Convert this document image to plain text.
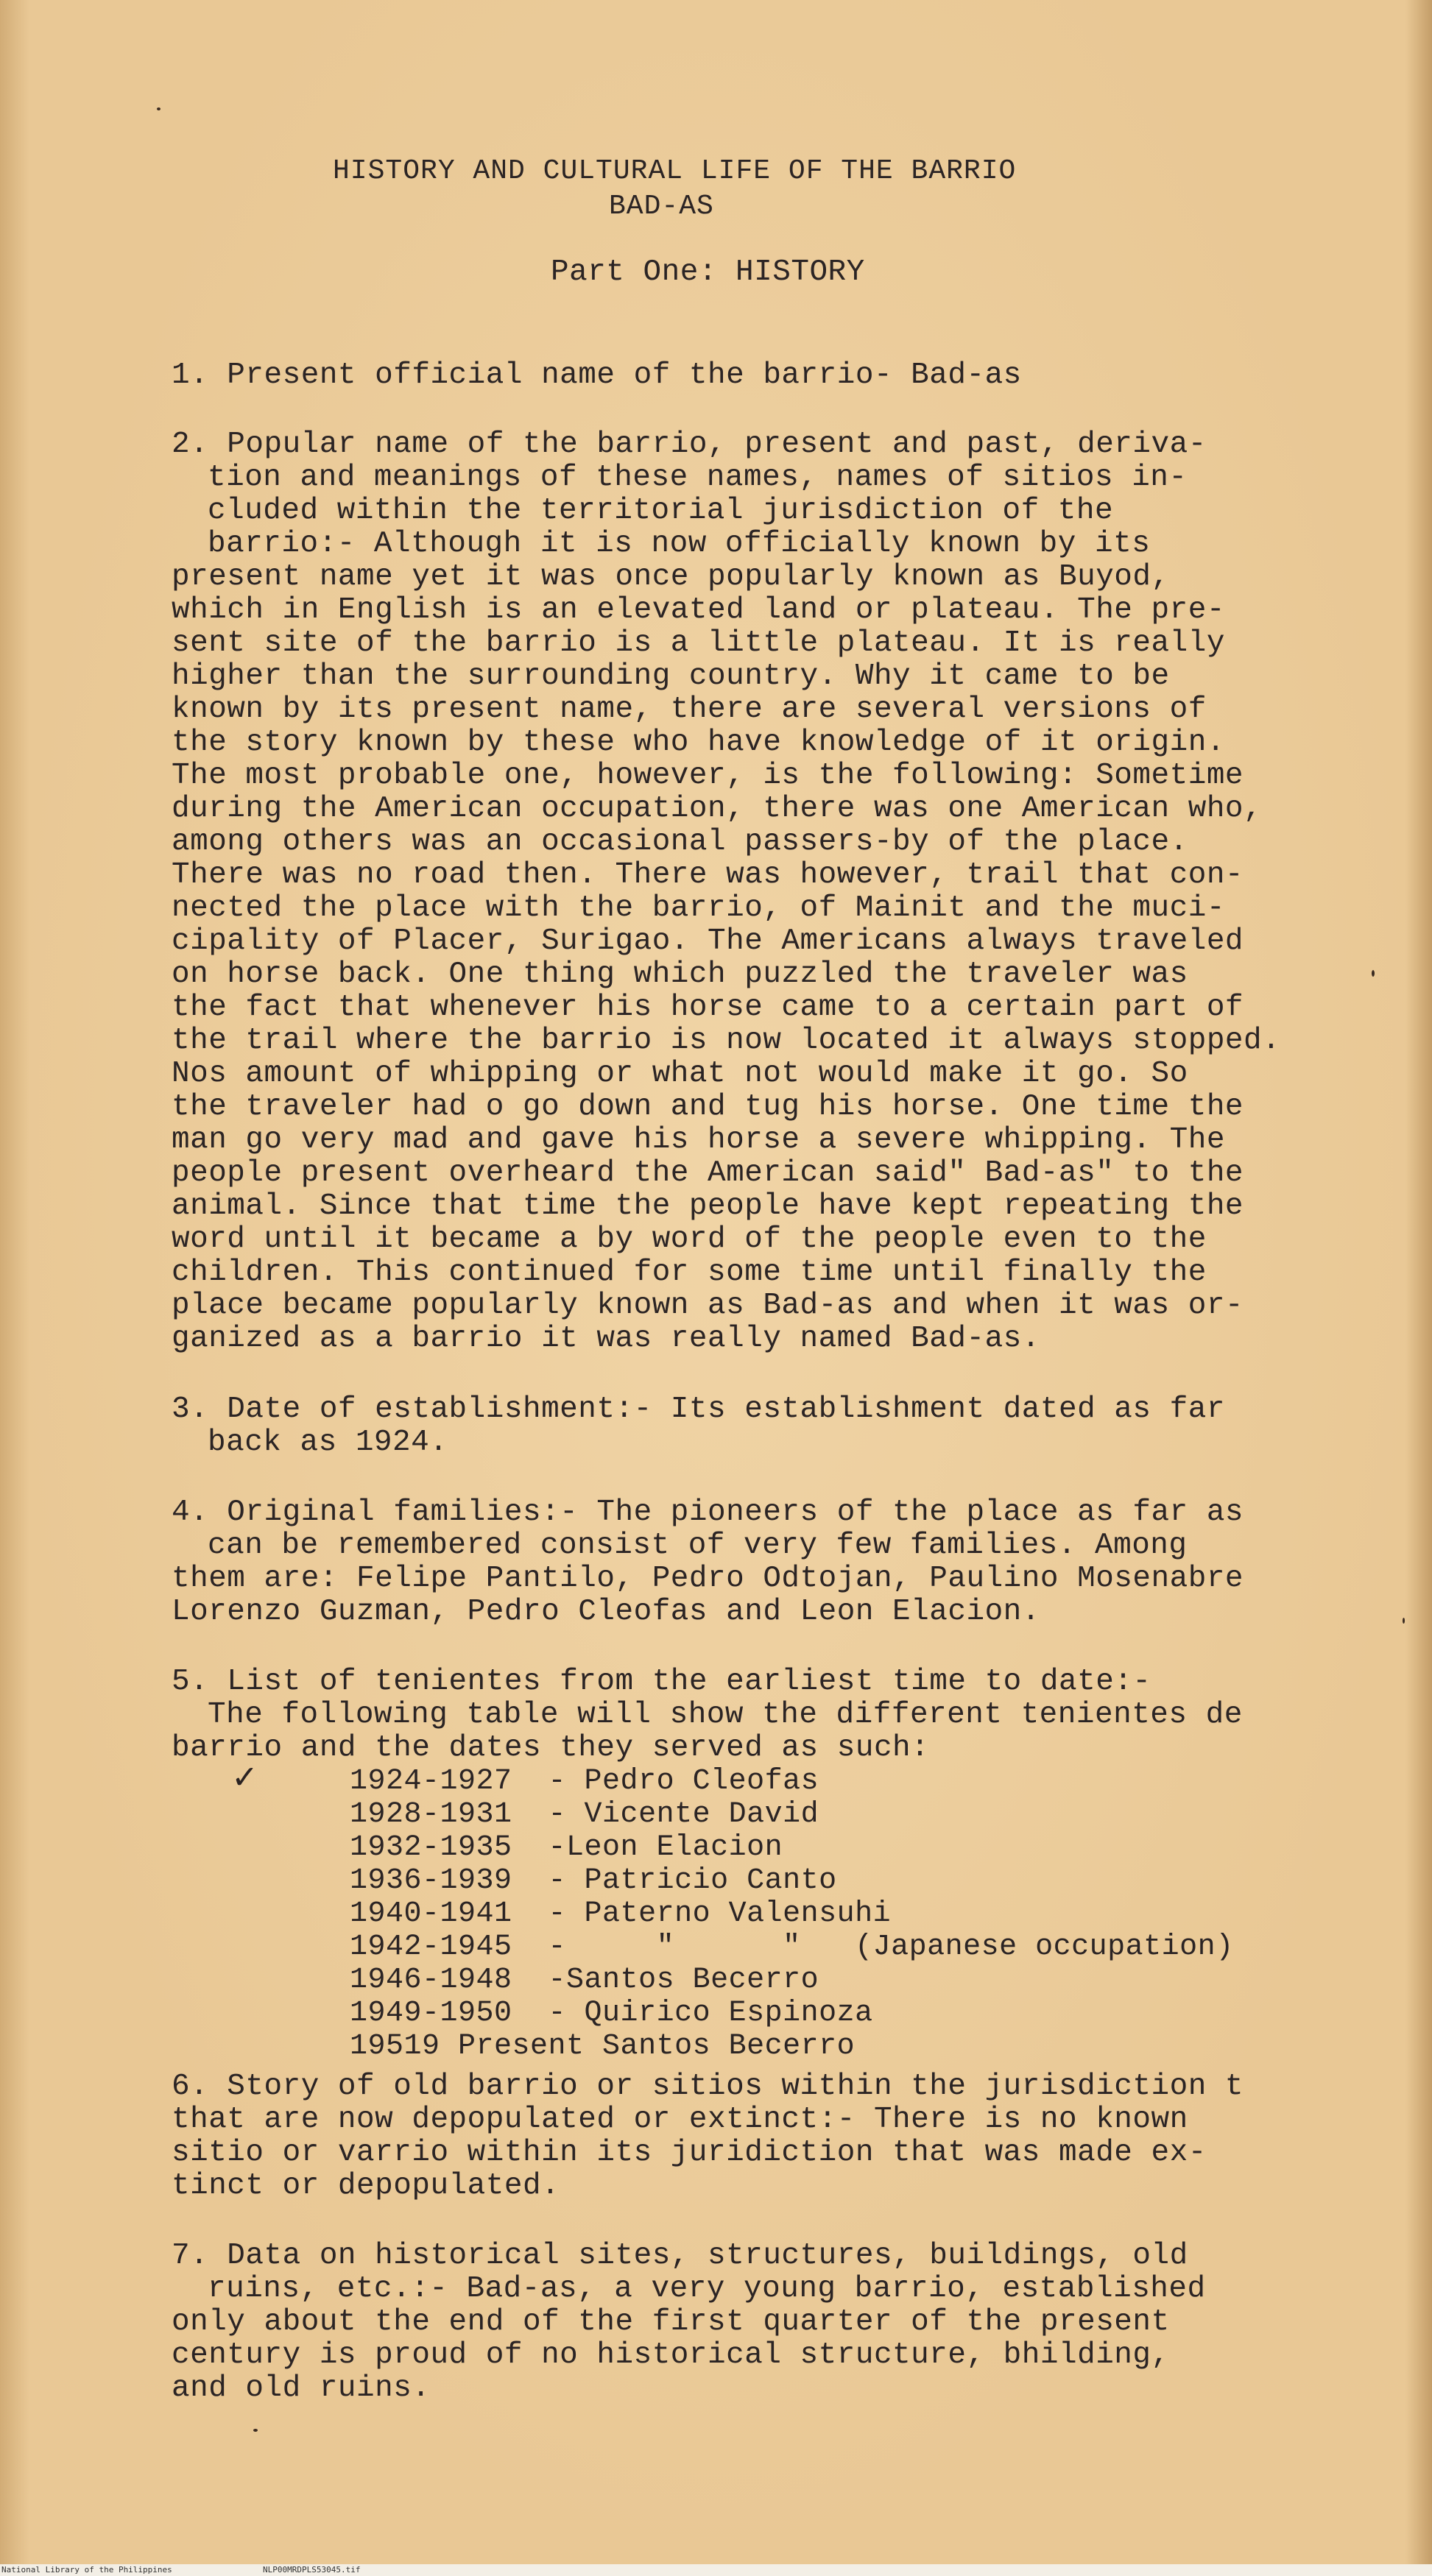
HISTORY AND CULTURAL LIFE OF THE BARRIO
BAD-AS
Part One: HISTORY
1. Present official name of the barrio- Bad-as
2. Popular name of the barrio, present and past, deriva-
tion and meanings of these names, names of sitios in-
cluded within the territorial jurisdiction of the
barrio:- Although it is now officially known by its
present name yet it was once popularly known as Buyod,
which in English is an elevated land or plateau. The pre-
sent site of the barrio is a little plateau. It is really
higher than the surrounding country. Why it came to be
known by its present name, there are several versions of
the story known by these who have knowledge of it origin.
The most probable one, however, is the following: Sometime
during the American occupation, there was one American who,
among others was an occasional passers-by of the place.
There was no road then. There was however, trail that con-
nected the place with the barrio, of Mainit and the muci-
cipality of Placer, Surigao. The Americans always traveled
on horse back. One thing which puzzled the traveler was
the fact that whenever his horse came to a certain part of
the trail where the barrio is now located it always stopped.
Nos amount of whipping or what not would make it go. So
the traveler had o go down and tug his horse. One time the
man go very mad and gave his horse a severe whipping. The
people present overheard the American said" Bad-as" to the
animal. Since that time the people have kept repeating the
word until it became a by word of the people even to the
children. This continued for some time until finally the
place became popularly known as Bad-as and when it was or-
ganized as a barrio it was really named Bad-as.
3. Date of establishment:- Its establishment dated as far
back as 1924.
4. Original families:- The pioneers of the place as far as
can be remembered consist of very few families. Among
them are: Felipe Pantilo, Pedro Odtojan, Paulino Mosenabre
Lorenzo Guzman, Pedro Cleofas and Leon Elacion.
5. List of tenientes from the earliest time to date:-
The following table will show the different tenientes de
barrio and the dates they served as such:
✓	1924-1927  - Pedro Cleofas
1928-1931  - Vicente David
1932-1935  -Leon Elacion
1936-1939  - Patricio Canto
1940-1941  - Paterno Valensuhi
1942-1945  -     "      "   (Japanese occupation)
1946-1948  -Santos Becerro
1949-1950  - Quirico Espinoza
19519 Present Santos Becerro
6. Story of old barrio or sitios within the jurisdiction t
that are now depopulated or extinct:- There is no known
sitio or varrio within its juridiction that was made ex-
tinct or depopulated.
7. Data on historical sites, structures, buildings, old
ruins, etc.:- Bad-as, a very young barrio, established
only about the end of the first quarter of the present
century is proud of no historical structure, bhilding,
and old ruins.
National Library of the Philippines	NLP00MRDPLS53045.tif
